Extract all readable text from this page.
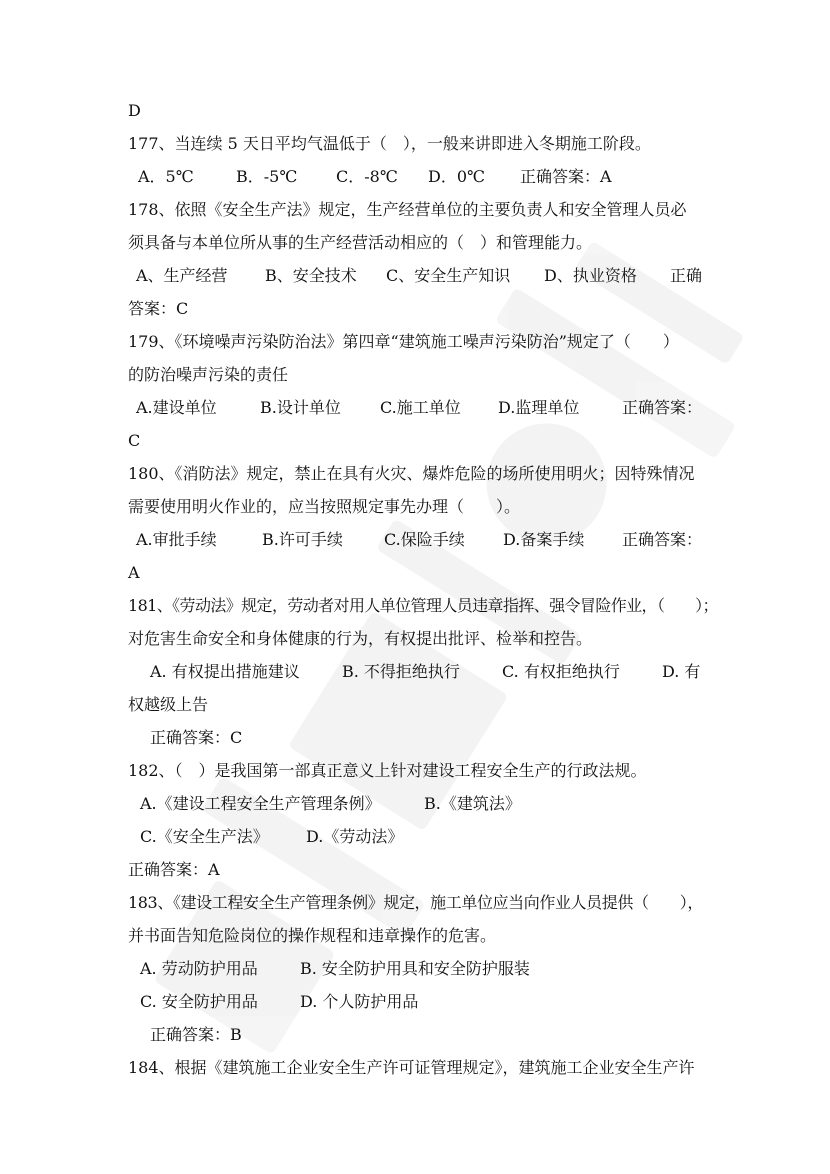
D
177、当连续 5 天日平均气温低于（　），一般来讲即进入冬期施工阶段。
A．5℃	B．-5℃ C．-8℃ D．0℃ 正确答案：A
178、依照《安全生产法》规定，生产经营单位的主要负责人和安全管理人员必
须具备与本单位所从事的生产经营活动相应的（　）和管理能力。
A、生产经营 B、安全技术 C、安全生产知识 D、执业资格 正确
答案：C
179、《环境噪声污染防治法》第四章“建筑施工噪声污染防治”规定了（　　）
的防治噪声污染的责任
A.建设单位	B.设计单位 C.施工单位 D.监理单位	正确答案：
C
180、《消防法》规定，禁止在具有火灾、爆炸危险的场所使用明火；因特殊情况
需要使用明火作业的，应当按照规定事先办理（　　）。
A.审批手续	B.许可手续	C.保险手续 D.备案手续 正确答案：
A
181、《劳动法》规定，劳动者对用人单位管理人员违章指挥、强令冒险作业，（　　）；
对危害生命安全和身体健康的行为，有权提出批评、检举和控告。
A. 有权提出措施建议	B. 不得拒绝执行	C. 有权拒绝执行	D. 有
权越级上告
正确答案：C
182、（　）是我国第一部真正意义上针对建设工程安全生产的行政法规。
A.《建设工程安全生产管理条例》	B.《建筑法》
C.《安全生产法》 D.《劳动法》
正确答案：A
183、《建设工程安全生产管理条例》规定，施工单位应当向作业人员提供（　　），
并书面告知危险岗位的操作规程和违章操作的危害。
A. 劳动防护用品	B. 安全防护用具和安全防护服装
C. 安全防护用品	D. 个人防护用品
正确答案：B
184、根据《建筑施工企业安全生产许可证管理规定》，建筑施工企业安全生产许
